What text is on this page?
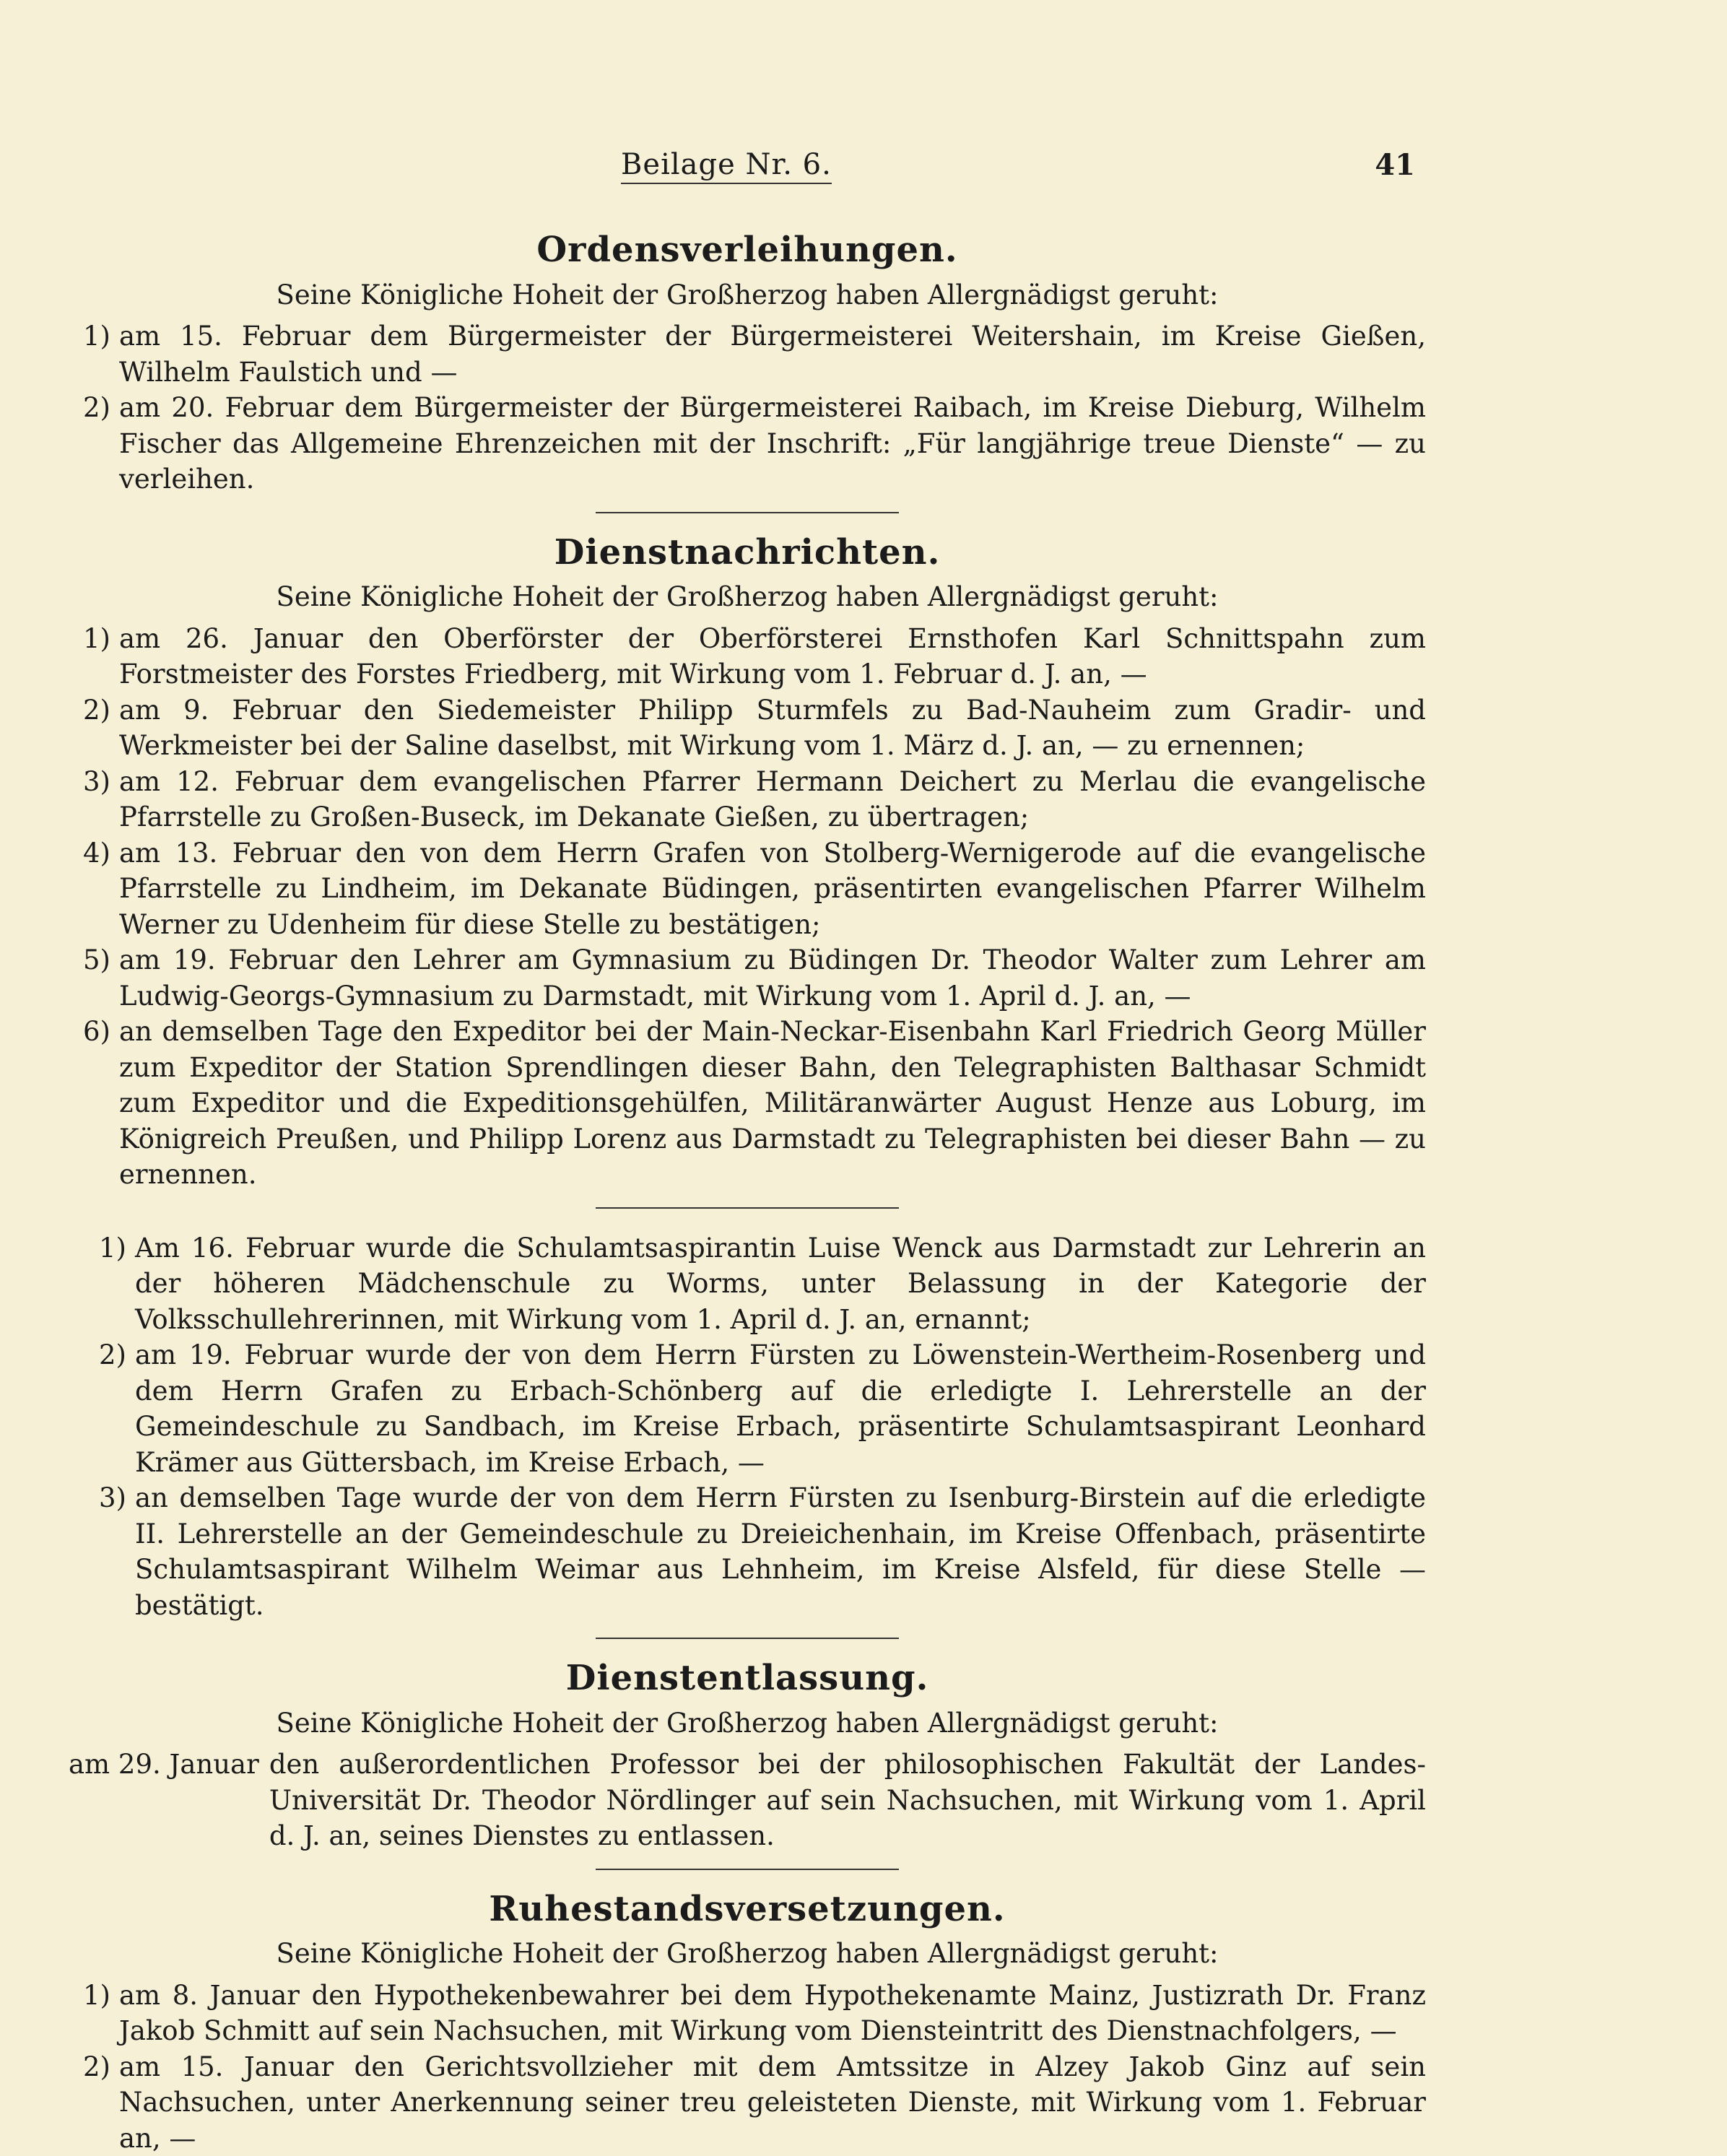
Beilage Nr. 6.	41
Ordensverleihungen.
Seine Königliche Hoheit der Großherzog haben Allergnädigst geruht:
1) am 15. Februar dem Bürgermeister der Bürgermeisterei Weitershain, im Kreise Gießen, Wilhelm Faulstich und —
2) am 20. Februar dem Bürgermeister der Bürgermeisterei Raibach, im Kreise Dieburg, Wilhelm Fischer das Allgemeine Ehrenzeichen mit der Inschrift: „Für langjährige treue Dienste“ — zu verleihen.
Dienstnachrichten.
Seine Königliche Hoheit der Großherzog haben Allergnädigst geruht:
1) am 26. Januar den Oberförster der Oberförsterei Ernsthofen Karl Schnittspahn zum Forstmeister des Forstes Friedberg, mit Wirkung vom 1. Februar d. J. an, —
2) am 9. Februar den Siedemeister Philipp Sturmfels zu Bad-Nauheim zum Gradir- und Werkmeister bei der Saline daselbst, mit Wirkung vom 1. März d. J. an, — zu ernennen;
3) am 12. Februar dem evangelischen Pfarrer Hermann Deichert zu Merlau die evangelische Pfarrstelle zu Großen-Buseck, im Dekanate Gießen, zu übertragen;
4) am 13. Februar den von dem Herrn Grafen von Stolberg-Wernigerode auf die evangelische Pfarrstelle zu Lindheim, im Dekanate Büdingen, präsentirten evangelischen Pfarrer Wilhelm Werner zu Udenheim für diese Stelle zu bestätigen;
5) am 19. Februar den Lehrer am Gymnasium zu Büdingen Dr. Theodor Walter zum Lehrer am Ludwig-Georgs-Gymnasium zu Darmstadt, mit Wirkung vom 1. April d. J. an, —
6) an demselben Tage den Expeditor bei der Main-Neckar-Eisenbahn Karl Friedrich Georg Müller zum Expeditor der Station Sprendlingen dieser Bahn, den Telegraphisten Balthasar Schmidt zum Expeditor und die Expeditionsgehülfen, Militäranwärter August Henze aus Loburg, im Königreich Preußen, und Philipp Lorenz aus Darmstadt zu Telegraphisten bei dieser Bahn — zu ernennen.
1) Am 16. Februar wurde die Schulamtsaspirantin Luise Wenck aus Darmstadt zur Lehrerin an der höheren Mädchenschule zu Worms, unter Belassung in der Kategorie der Volksschullehrerinnen, mit Wirkung vom 1. April d. J. an, ernannt;
2) am 19. Februar wurde der von dem Herrn Fürsten zu Löwenstein-Wertheim-Rosenberg und dem Herrn Grafen zu Erbach-Schönberg auf die erledigte I. Lehrerstelle an der Gemeindeschule zu Sandbach, im Kreise Erbach, präsentirte Schulamtsaspirant Leonhard Krämer aus Güttersbach, im Kreise Erbach, —
3) an demselben Tage wurde der von dem Herrn Fürsten zu Isenburg-Birstein auf die erledigte II. Lehrerstelle an der Gemeindeschule zu Dreieichenhain, im Kreise Offenbach, präsentirte Schulamtsaspirant Wilhelm Weimar aus Lehnheim, im Kreise Alsfeld, für diese Stelle — bestätigt.
Dienstentlassung.
Seine Königliche Hoheit der Großherzog haben Allergnädigst geruht:
am 29. Januar den außerordentlichen Professor bei der philosophischen Fakultät der Landes-Universität Dr. Theodor Nördlinger auf sein Nachsuchen, mit Wirkung vom 1. April d. J. an, seines Dienstes zu entlassen.
Ruhestandsversetzungen.
Seine Königliche Hoheit der Großherzog haben Allergnädigst geruht:
1) am 8. Januar den Hypothekenbewahrer bei dem Hypothekenamte Mainz, Justizrath Dr. Franz Jakob Schmitt auf sein Nachsuchen, mit Wirkung vom Diensteintritt des Dienstnachfolgers, —
2) am 15. Januar den Gerichtsvollzieher mit dem Amtssitze in Alzey Jakob Ginz auf sein Nachsuchen, unter Anerkennung seiner treu geleisteten Dienste, mit Wirkung vom 1. Februar an, —
